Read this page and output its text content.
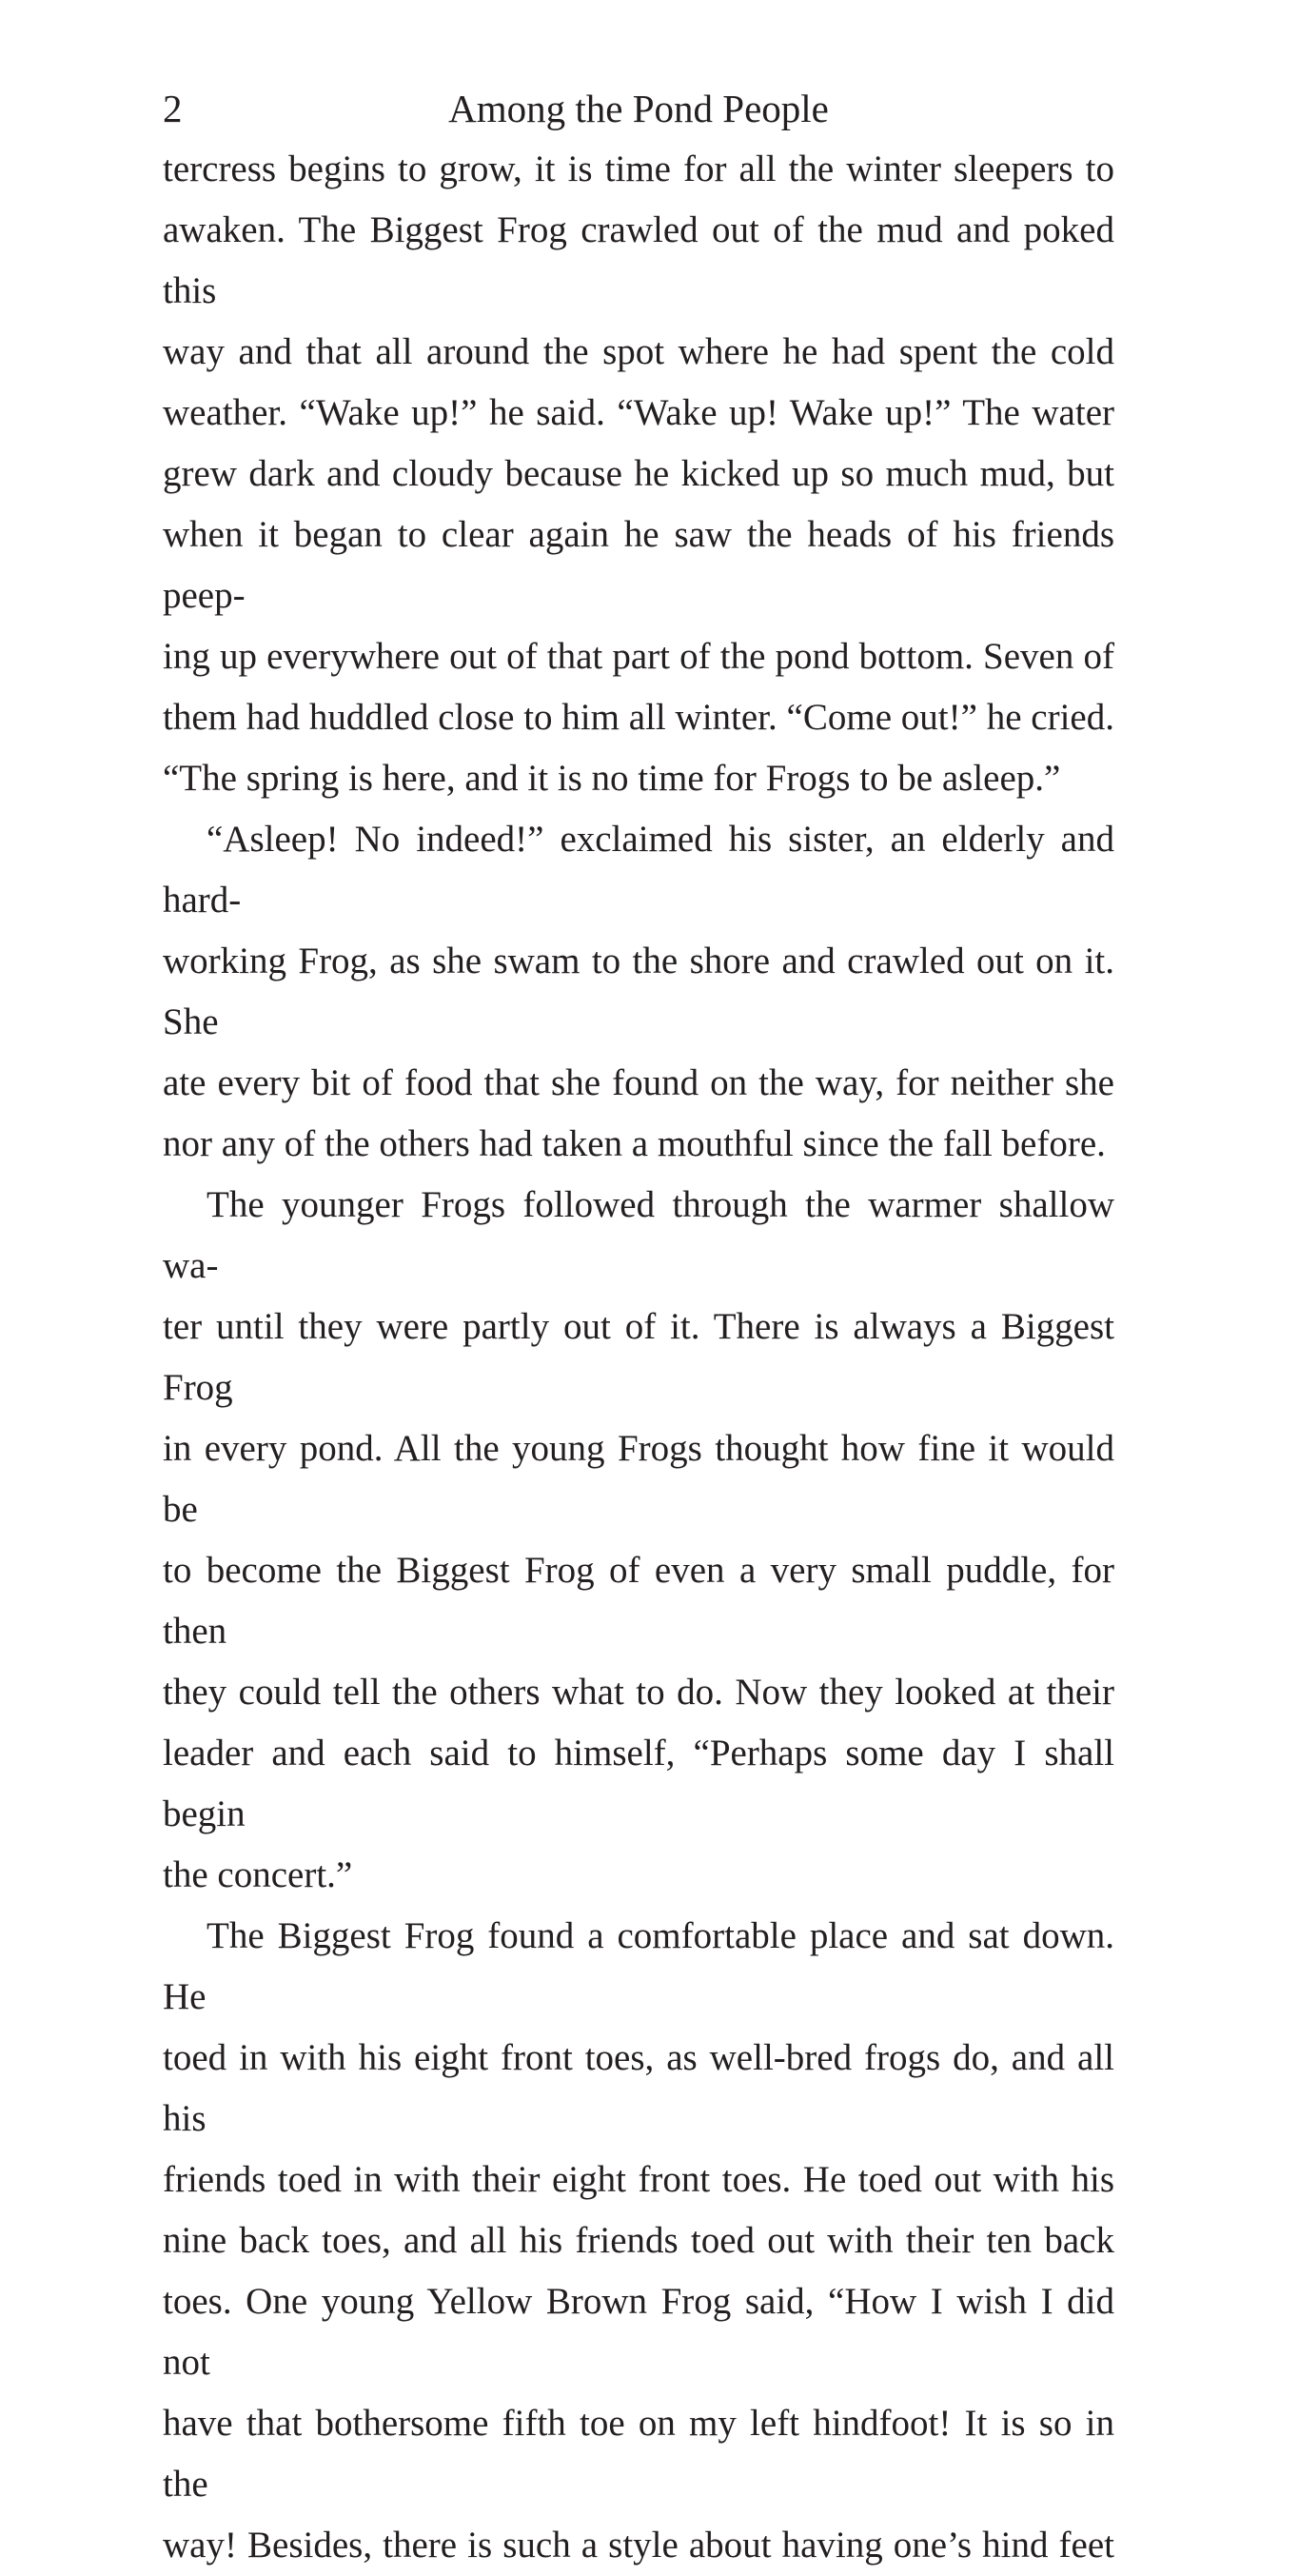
2	Among the Pond People
tercress begins to grow, it is time for all the winter sleepers to
awaken. The Biggest Frog crawled out of the mud and poked this
way and that all around the spot where he had spent the cold
weather. “Wake up!” he said. “Wake up! Wake up!” The water
grew dark and cloudy because he kicked up so much mud, but
when it began to clear again he saw the heads of his friends peep-
ing up everywhere out of that part of the pond bottom. Seven of
them had huddled close to him all winter. “Come out!” he cried.
“The spring is here, and it is no time for Frogs to be asleep.”
“Asleep! No indeed!” exclaimed his sister, an elderly and hard-
working Frog, as she swam to the shore and crawled out on it. She
ate every bit of food that she found on the way, for neither she
nor any of the others had taken a mouthful since the fall before.
The younger Frogs followed through the warmer shallow wa-
ter until they were partly out of it. There is always a Biggest Frog
in every pond. All the young Frogs thought how fine it would be
to become the Biggest Frog of even a very small puddle, for then
they could tell the others what to do. Now they looked at their
leader and each said to himself, “Perhaps some day I shall begin
the concert.”
The Biggest Frog found a comfortable place and sat down. He
toed in with his eight front toes, as well-bred frogs do, and all his
friends toed in with their eight front toes. He toed out with his
nine back toes, and all his friends toed out with their ten back
toes. One young Yellow Brown Frog said, “How I wish I did not
have that bothersome fifth toe on my left hindfoot! It is so in the
way! Besides, there is such a style about having one’s hind feet
